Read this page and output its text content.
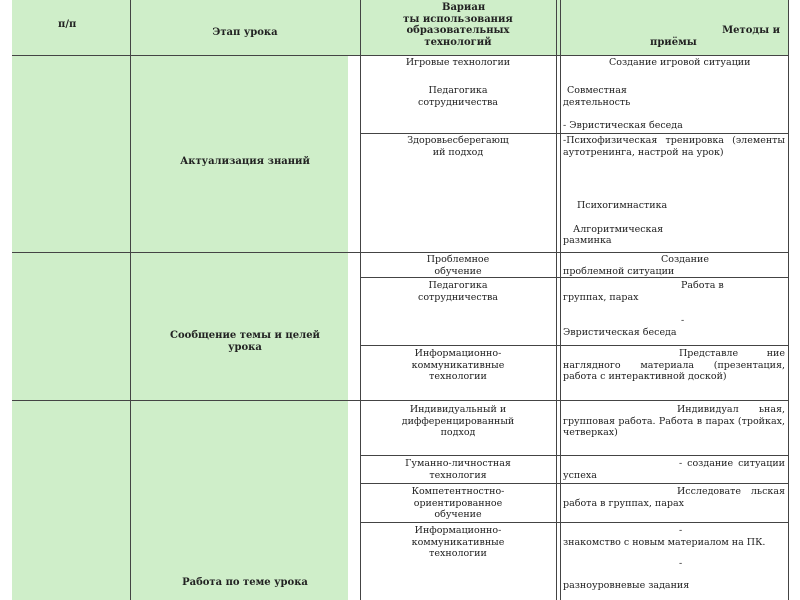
п/п
Этап урока
Вариан
ты использования
образовательных
технологий
Методы и
приёмы
Актуализация знаний
Сообщение темы и целей
урока
Работа по теме урока
Игровые технологии
Педагогика
сотрудничества
Здоровьесберегающ
ий подход
Проблемное
обучение
Педагогика
сотрудничества
Информационно-
коммуникативные
технологии
Индивидуальный и
дифференцированный
подход
Гуманно-личностная
технология
Компетентностно-
ориентированное
обучение
Информационно-
коммуникативные
технологии
Создание игровой ситуации
Совместная
деятельность
- Эвристическая беседа
-Психофизическая тренировка (элементы аутотренинга, настрой на урок)
Психогимнастика
Алгоритмическая
разминка
Создание
проблемной ситуации
Работа в
группах, парах
-
Эвристическая беседа
Представле	ние наглядного материала (презентация, работа с интерактивной доской)
Индивидуал ьная, групповая работа. Работа в парах (тройках, четверках)
- создание ситуации успеха
Исследовате льская работа в группах, парах
-
знакомство с новым материалом на ПК.
-
разноуровневые задания
